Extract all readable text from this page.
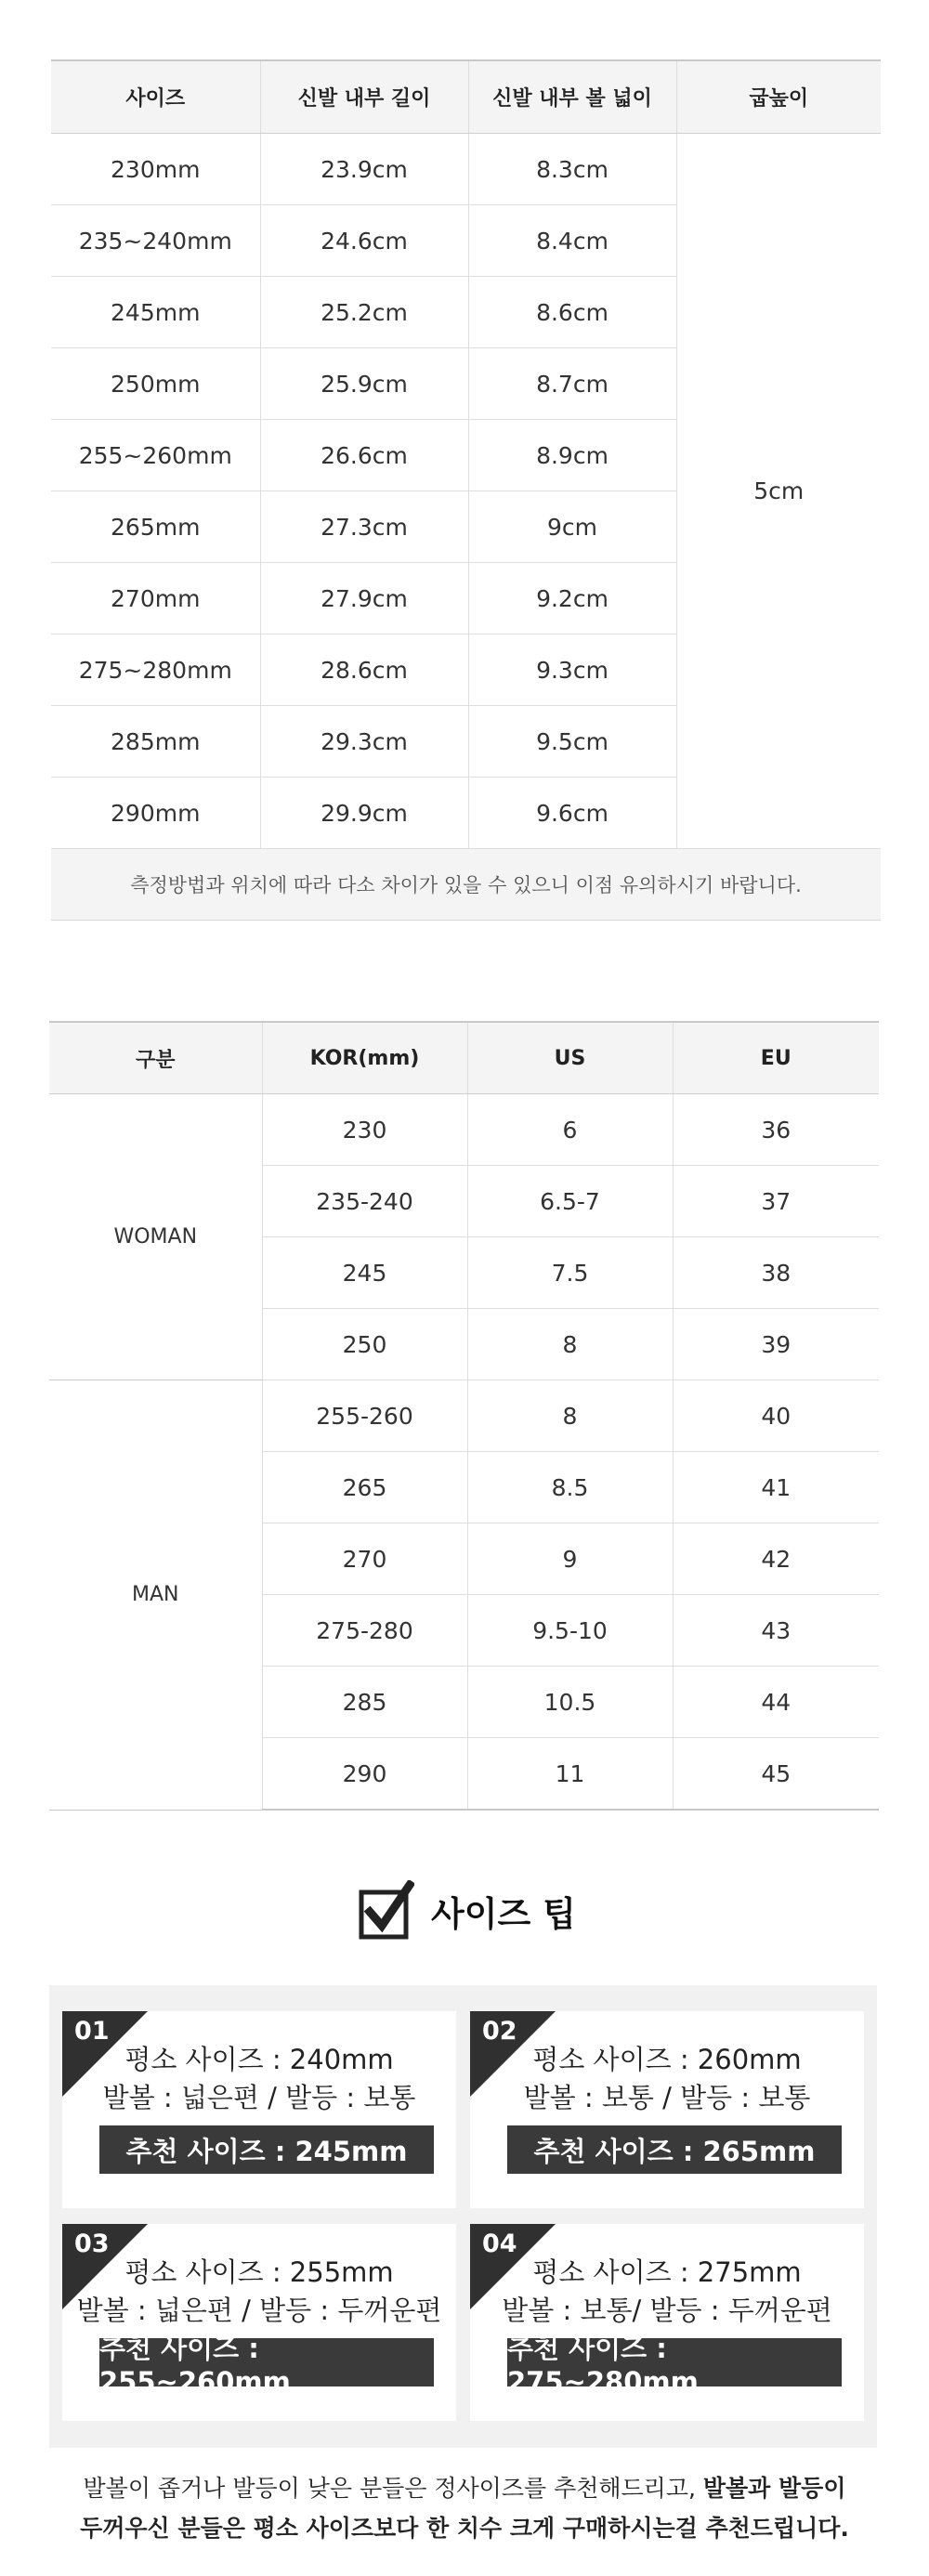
사이즈	신발 내부 길이	신발 내부 볼 넓이	굽높이
230mm	23.9cm	8.3cm	5cm
235~240mm	24.6cm	8.4cm	
245mm	25.2cm	8.6cm	
250mm	25.9cm	8.7cm	
255~260mm	26.6cm	8.9cm	
265mm	27.3cm	9cm	
270mm	27.9cm	9.2cm	
275~280mm	28.6cm	9.3cm	
285mm	29.3cm	9.5cm	
290mm	29.9cm	9.6cm	
측정방법과 위치에 따라 다소 차이가 있을 수 있으니 이점 유의하시기 바랍니다.			
구분	KOR(mm)	US	EU
WOMAN	230	6	36
	235-240	6.5-7	37
	245	7.5	38
	250	8	39
MAN	255-260	8	40
	265	8.5	41
	270	9	42
	275-280	9.5-10	43
	285	10.5	44
	290	11	45
사이즈 팁
01
평소 사이즈 : 240mm
발볼 : 넓은편 / 발등 : 보통
추천 사이즈 : 245mm
02
평소 사이즈 : 260mm
발볼 : 보통 / 발등 : 보통
추천 사이즈 : 265mm
03
평소 사이즈 : 255mm
발볼 : 넓은편 / 발등 : 두꺼운편
추천 사이즈 : 255~260mm
04
평소 사이즈 : 275mm
발볼 : 보통/ 발등 : 두꺼운편
추천 사이즈 : 275~280mm
발볼이 좁거나 발등이 낮은 분들은 정사이즈를 추천해드리고, 발볼과 발등이
두꺼우신 분들은 평소 사이즈보다 한 치수 크게 구매하시는걸 추천드립니다.
